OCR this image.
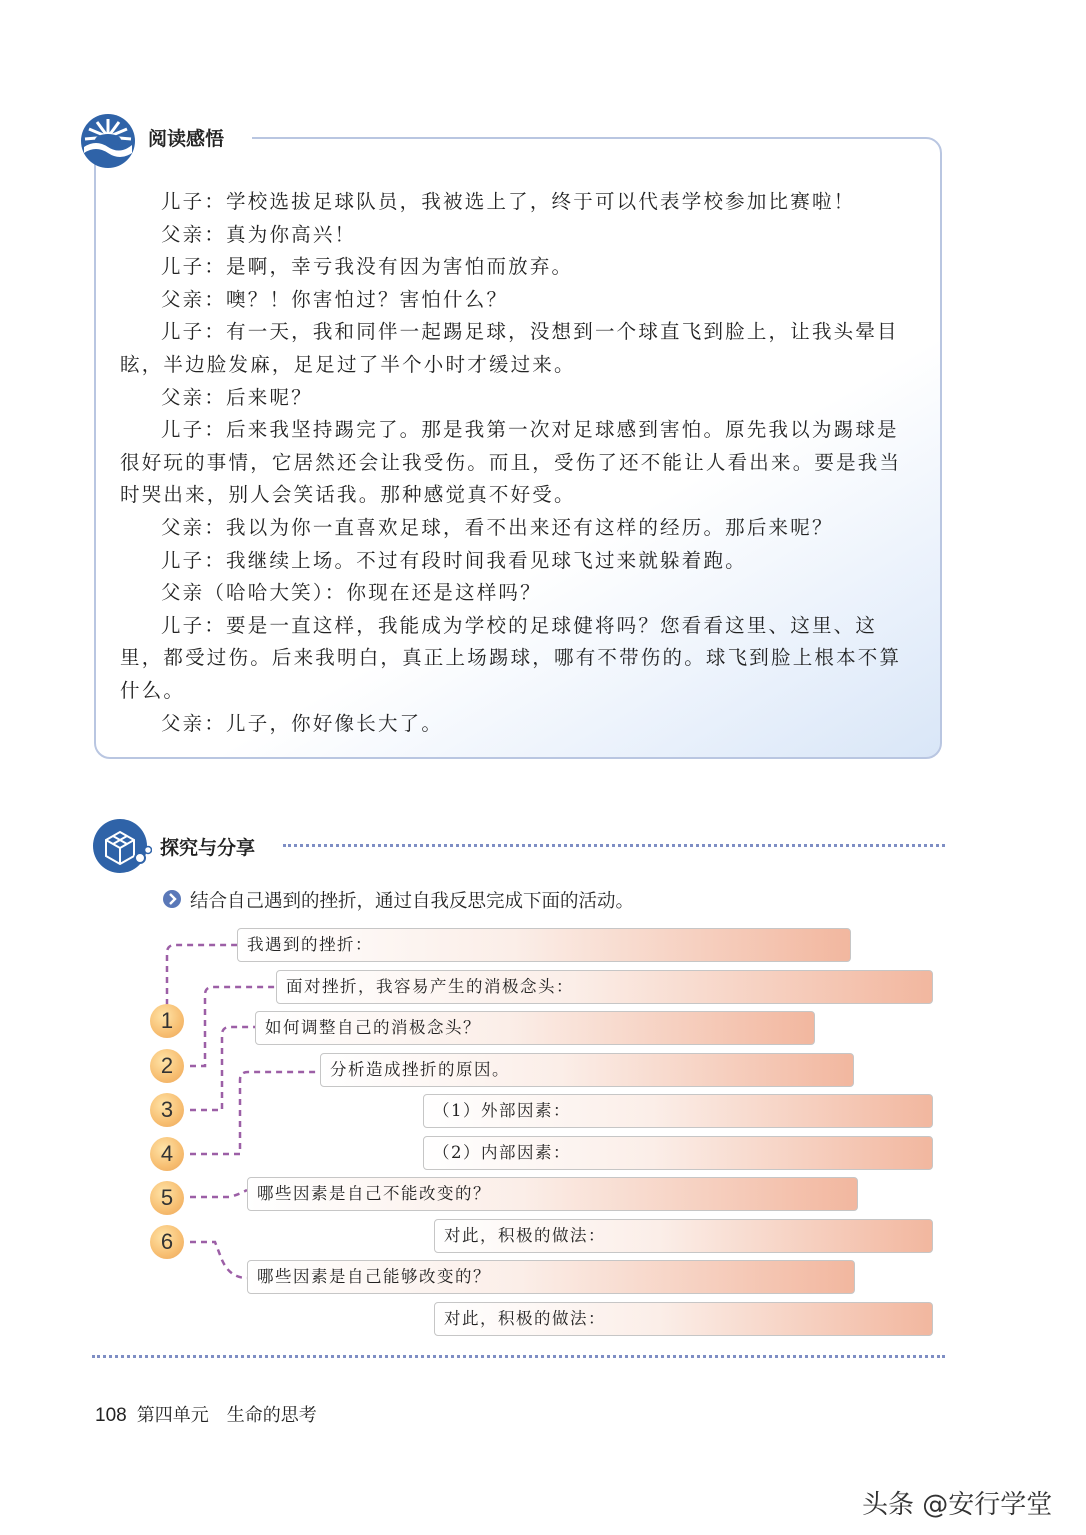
阅读感悟

儿子：学校选拔足球队员，我被选上了，终于可以代表学校参加比赛啦！

父亲：真为你高兴！

儿子：是啊，幸亏我没有因为害怕而放弃。

父亲：噢？！你害怕过？害怕什么？

儿子：有一天，我和同伴一起踢足球，没想到一个球直飞到脸上，让我头晕目眩，半边脸发麻，足足过了半个小时才缓过来。

父亲：后来呢？

儿子：后来我坚持踢完了。那是我第一次对足球感到害怕。原先我以为踢球是很好玩的事情，它居然还会让我受伤。而且，受伤了还不能让人看出来。要是我当时哭出来，别人会笑话我。那种感觉真不好受。

父亲：我以为你一直喜欢足球，看不出来还有这样的经历。那后来呢？

儿子：我继续上场。不过有段时间我看见球飞过来就躲着跑。

父亲（哈哈大笑）：你现在还是这样吗？

儿子：要是一直这样，我能成为学校的足球健将吗？您看看这里、这里、这里，都受过伤。后来我明白，真正上场踢球，哪有不带伤的。球飞到脸上根本不算什么。

父亲：儿子，你好像长大了。

探究与分享
结合自己遇到的挫折，通过自我反思完成下面的活动。
1
2
3
4
5
6
我遇到的挫折：
面对挫折，我容易产生的消极念头：
如何调整自己的消极念头？
分析造成挫折的原因。
（1）外部因素：
（2）内部因素：
哪些因素是自己不能改变的？
对此，积极的做法：
哪些因素是自己能够改变的？
对此，积极的做法：
108 第四单元 生命的思考
头条 @安行学堂
